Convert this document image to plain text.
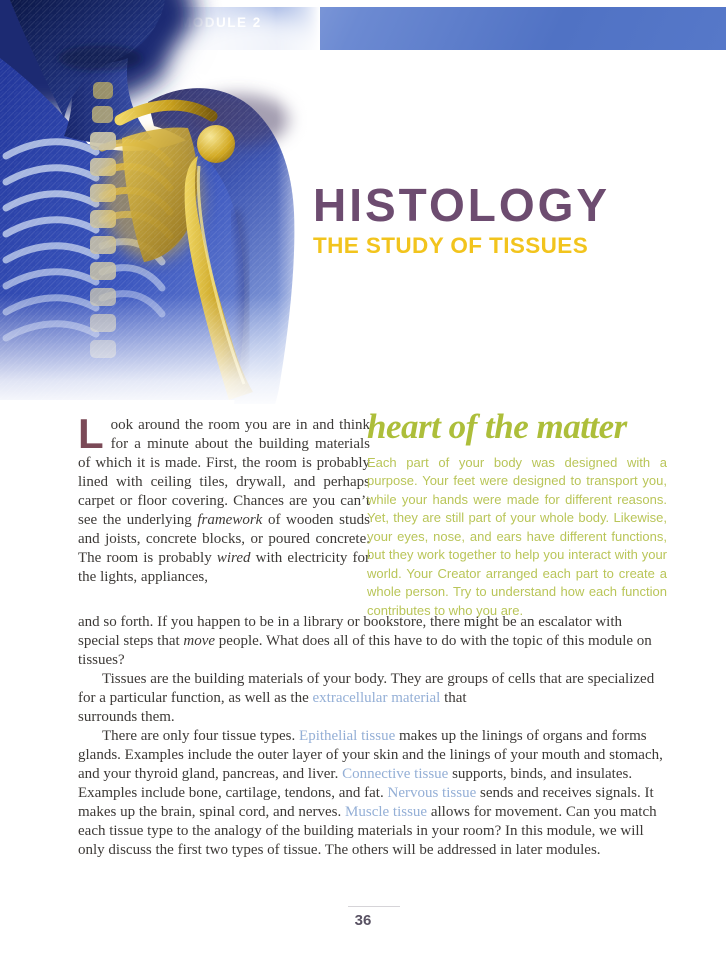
HISTOLOGY
THE STUDY OF TISSUES
Look around the room you are in and think for a minute about the building materials of which it is made. First, the room is probably lined with ceiling tiles, drywall, and perhaps carpet or floor covering. Chances are you can’t see the underlying framework of wooden studs and joists, concrete blocks, or poured concrete. The room is probably wired with electricity for the lights, appliances,
heart of the matter
Each part of your body was designed with a purpose. Your feet were designed to transport you, while your hands were made for different reasons. Yet, they are still part of your whole body. Likewise, your eyes, nose, and ears have different functions, but they work together to help you interact with your world. Your Creator arranged each part to create a whole person. Try to understand how each function contributes to who you are.

and so forth. If you happen to be in a library or bookstore, there might be an escalator with special steps that move people. What does all of this have to do with the topic of this module on tissues?

Tissues are the building materials of your body. They are groups of cells that are specialized for a particular function, as well as the extracellular material that
surrounds them.

There are only four tissue types. Epithelial tissue makes up the linings of organs and forms glands. Examples include the outer layer of your skin and the linings of your mouth and stomach, and your thyroid gland, pancreas, and liver. Connective tissue supports, binds, and insulates. Examples include bone, cartilage, tendons, and fat. Nervous tissue sends and receives signals. It makes up the brain, spinal cord, and nerves. Muscle tissue allows for movement. Can you match each tissue type to the analogy of the building materials in your room? In this module, we will only discuss the first two types of tissue. The others will be addressed in later modules.

36
